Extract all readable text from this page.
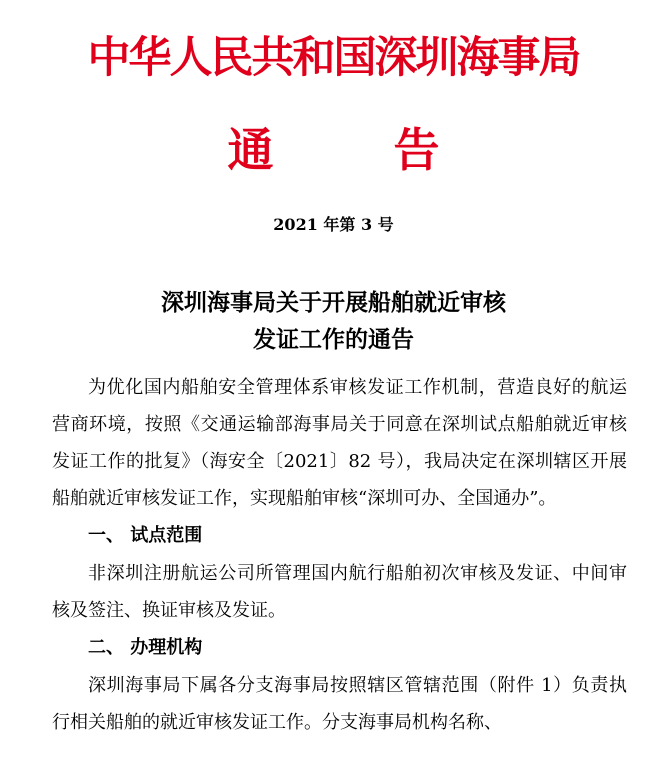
中华人民共和国深圳海事局
通	告
2021 年第 3 号
深圳海事局关于开展船舶就近审核
发证工作的通告

为优化国内船舶安全管理体系审核发证工作机制，营造良好的航运营商环境，按照《交通运输部海事局关于同意在深圳试点船舶就近审核发证工作的批复》（海安全〔2021〕82 号），我局决定在深圳辖区开展船舶就近审核发证工作，实现船舶审核“深圳可办、全国通办”。

一、 试点范围

非深圳注册航运公司所管理国内航行船舶初次审核及发证、中间审核及签注、换证审核及发证。

二、 办理机构

深圳海事局下属各分支海事局按照辖区管辖范围（附件 1）负责执行相关船舶的就近审核发证工作。分支海事局机构名称、
